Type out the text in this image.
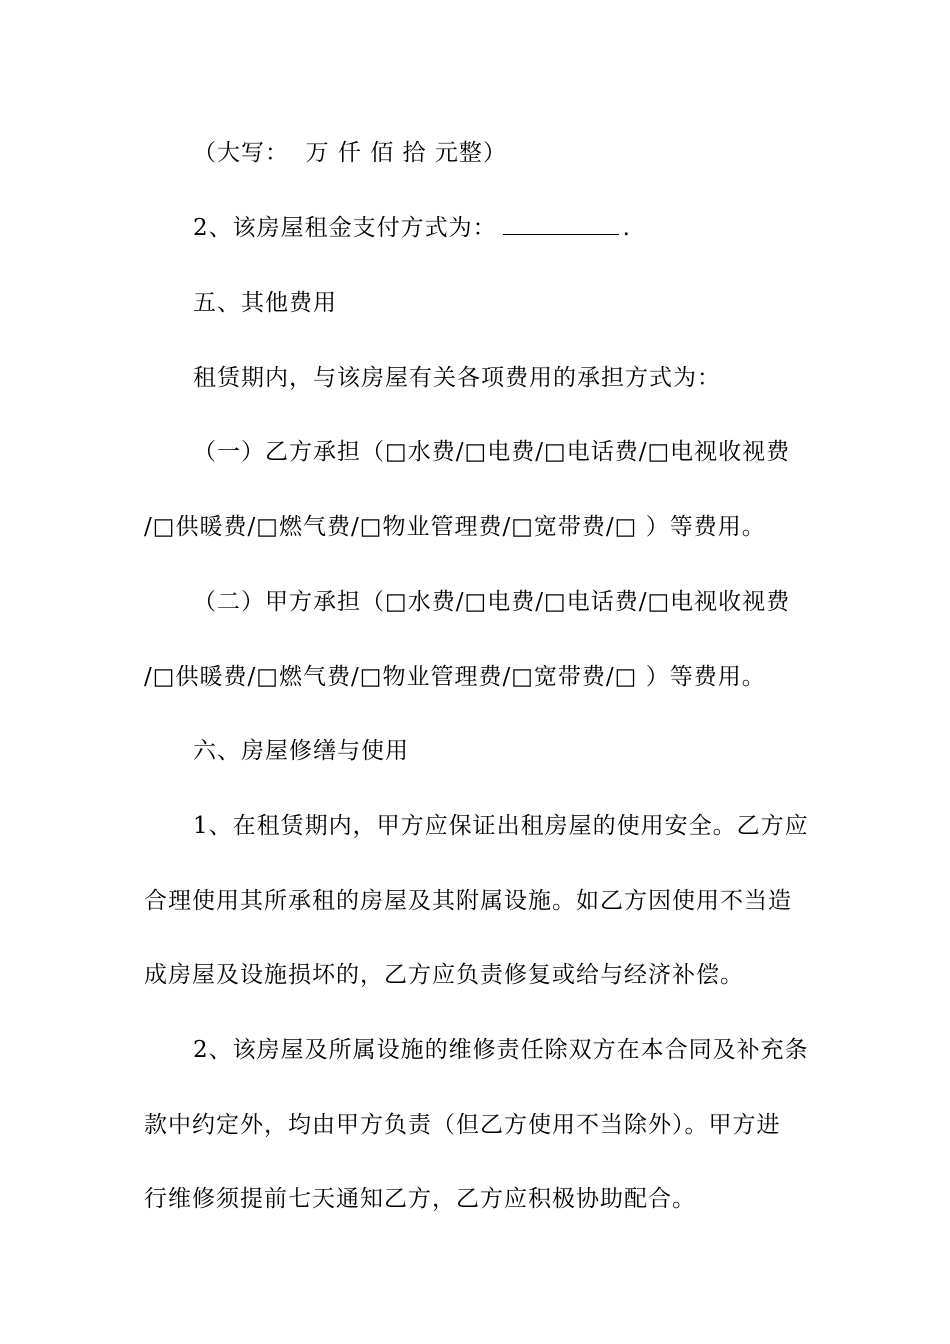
（大写：  万 仟 佰 拾 元整）
2、该房屋租金支付方式为：	.
五、其他费用
租赁期内，与该房屋有关各项费用的承担方式为：
（一）乙方承担（□水费/□电费/□电话费/□电视收视费
/□供暖费/□燃气费/□物业管理费/□宽带费/□ ）等费用。
（二）甲方承担（□水费/□电费/□电话费/□电视收视费
/□供暖费/□燃气费/□物业管理费/□宽带费/□ ）等费用。
六、房屋修缮与使用
1、在租赁期内，甲方应保证出租房屋的使用安全。乙方应
合理使用其所承租的房屋及其附属设施。如乙方因使用不当造
成房屋及设施损坏的，乙方应负责修复或给与经济补偿。
2、该房屋及所属设施的维修责任除双方在本合同及补充条
款中约定外，均由甲方负责（但乙方使用不当除外）。甲方进
行维修须提前七天通知乙方，乙方应积极协助配合。
